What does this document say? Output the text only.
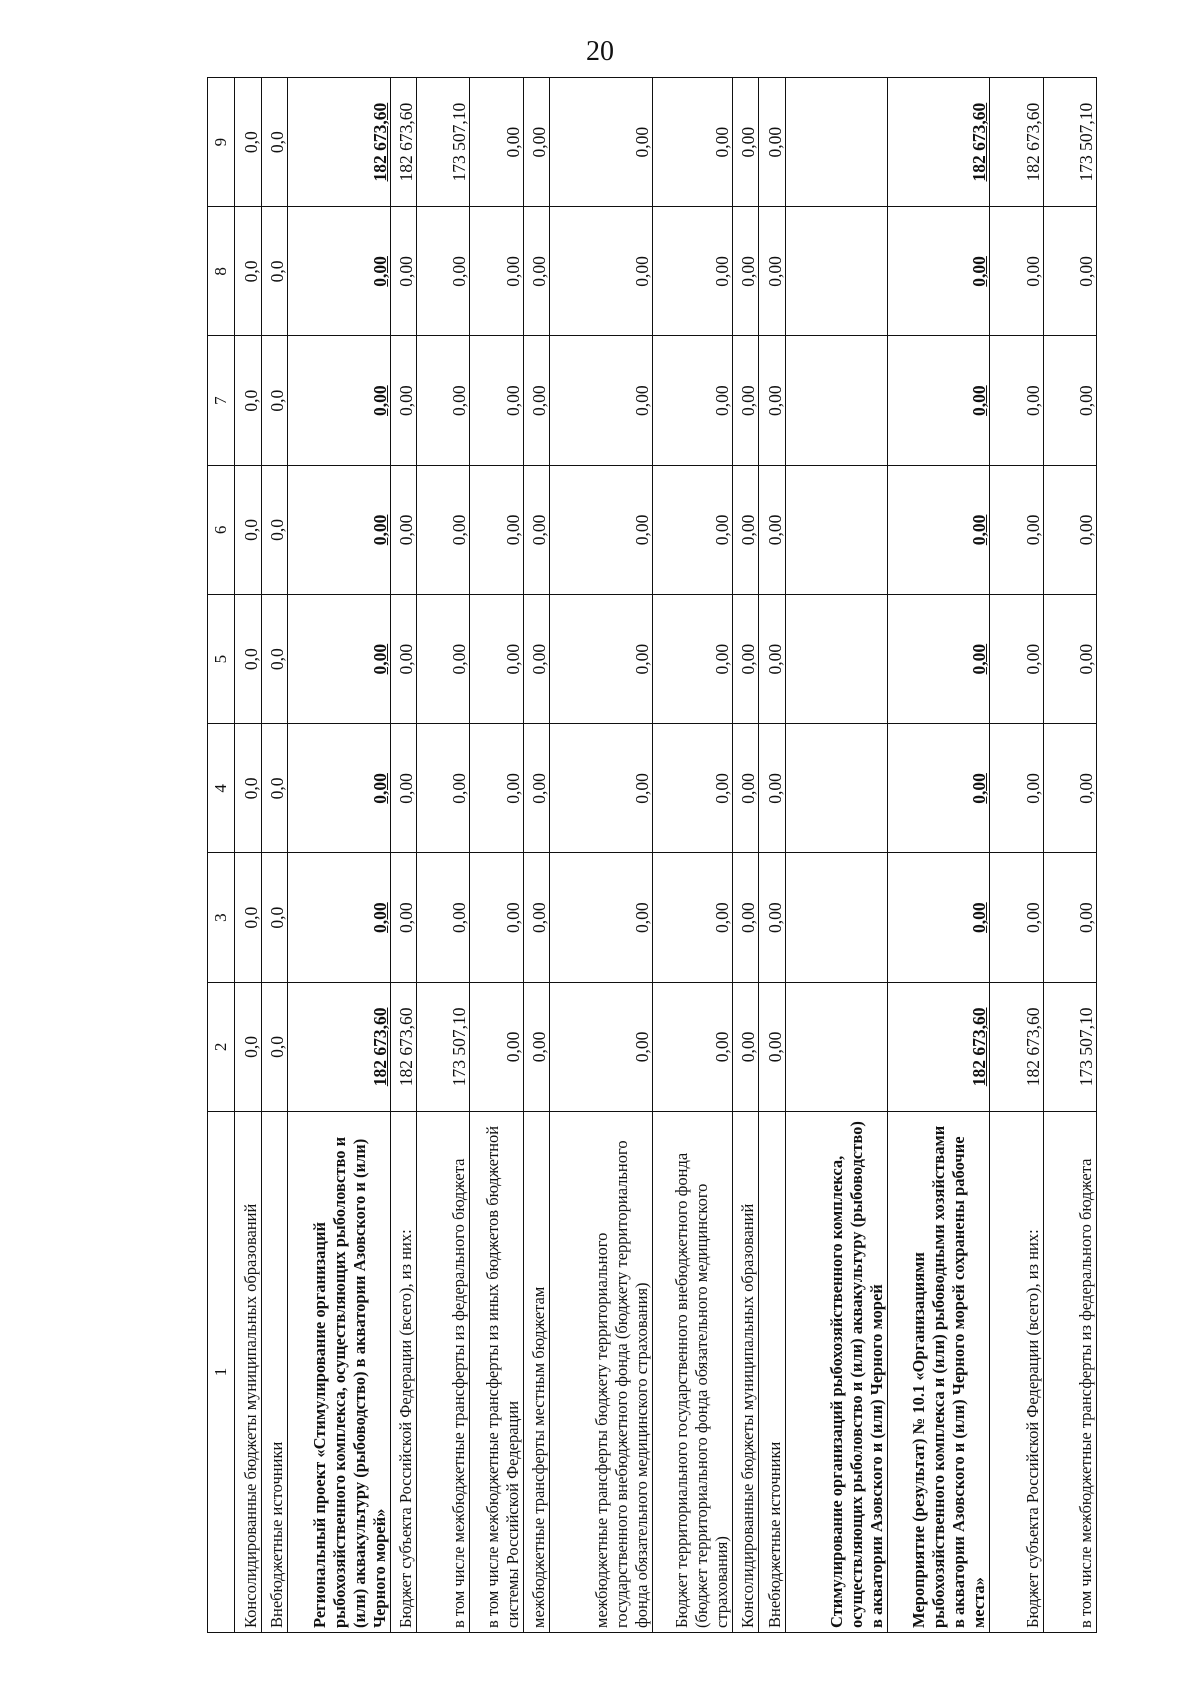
20
1	2	3	4	5	6	7	8	9
Консолидированные бюджеты муниципальных образований	0,0	0,0	0,0	0,0	0,0	0,0	0,0	0,0
Внебюджетные источники	0,0	0,0	0,0	0,0	0,0	0,0	0,0	0,0
Региональный проект «Стимулирование организаций рыбохозяйственного комплекса, осуществляющих рыболовство и (или) аквакультуру (рыбоводство) в акватории Азовского и (или) Черного морей»	182 673,60	0,00	0,00	0,00	0,00	0,00	0,00	182 673,60
Бюджет субъекта Российской Федерации (всего), из них:	182 673,60	0,00	0,00	0,00	0,00	0,00	0,00	182 673,60
в том числе межбюджетные трансферты из федерального бюджета	173 507,10	0,00	0,00	0,00	0,00	0,00	0,00	173 507,10
в том числе межбюджетные трансферты из иных бюджетов бюджетной системы Российской Федерации	0,00	0,00	0,00	0,00	0,00	0,00	0,00	0,00
межбюджетные трансферты местным бюджетам	0,00	0,00	0,00	0,00	0,00	0,00	0,00	0,00
межбюджетные трансферты бюджету территориального государственного внебюджетного фонда (бюджету территориального фонда обязательного медицинского страхования)	0,00	0,00	0,00	0,00	0,00	0,00	0,00	0,00
Бюджет территориального государственного внебюджетного фонда (бюджет территориального фонда обязательного медицинского страхования)	0,00	0,00	0,00	0,00	0,00	0,00	0,00	0,00
Консолидированные бюджеты муниципальных образований	0,00	0,00	0,00	0,00	0,00	0,00	0,00	0,00
Внебюджетные источники	0,00	0,00	0,00	0,00	0,00	0,00	0,00	0,00
Стимулирование организаций рыбохозяйственного комплекса, осуществляющих рыболовство и (или) аквакультуру (рыбоводство) в акватории Азовского и (или) Черного морей								
Мероприятие (результат) № 10.1 «Организациями рыбохозяйственного комплекса и (или) рыбоводными хозяйствами в акватории Азовского и (или) Черного морей сохранены рабочие места»	182 673,60	0,00	0,00	0,00	0,00	0,00	0,00	182 673,60
Бюджет субъекта Российской Федерации (всего), из них:	182 673,60	0,00	0,00	0,00	0,00	0,00	0,00	182 673,60
в том числе межбюджетные трансферты из федерального бюджета	173 507,10	0,00	0,00	0,00	0,00	0,00	0,00	173 507,10
